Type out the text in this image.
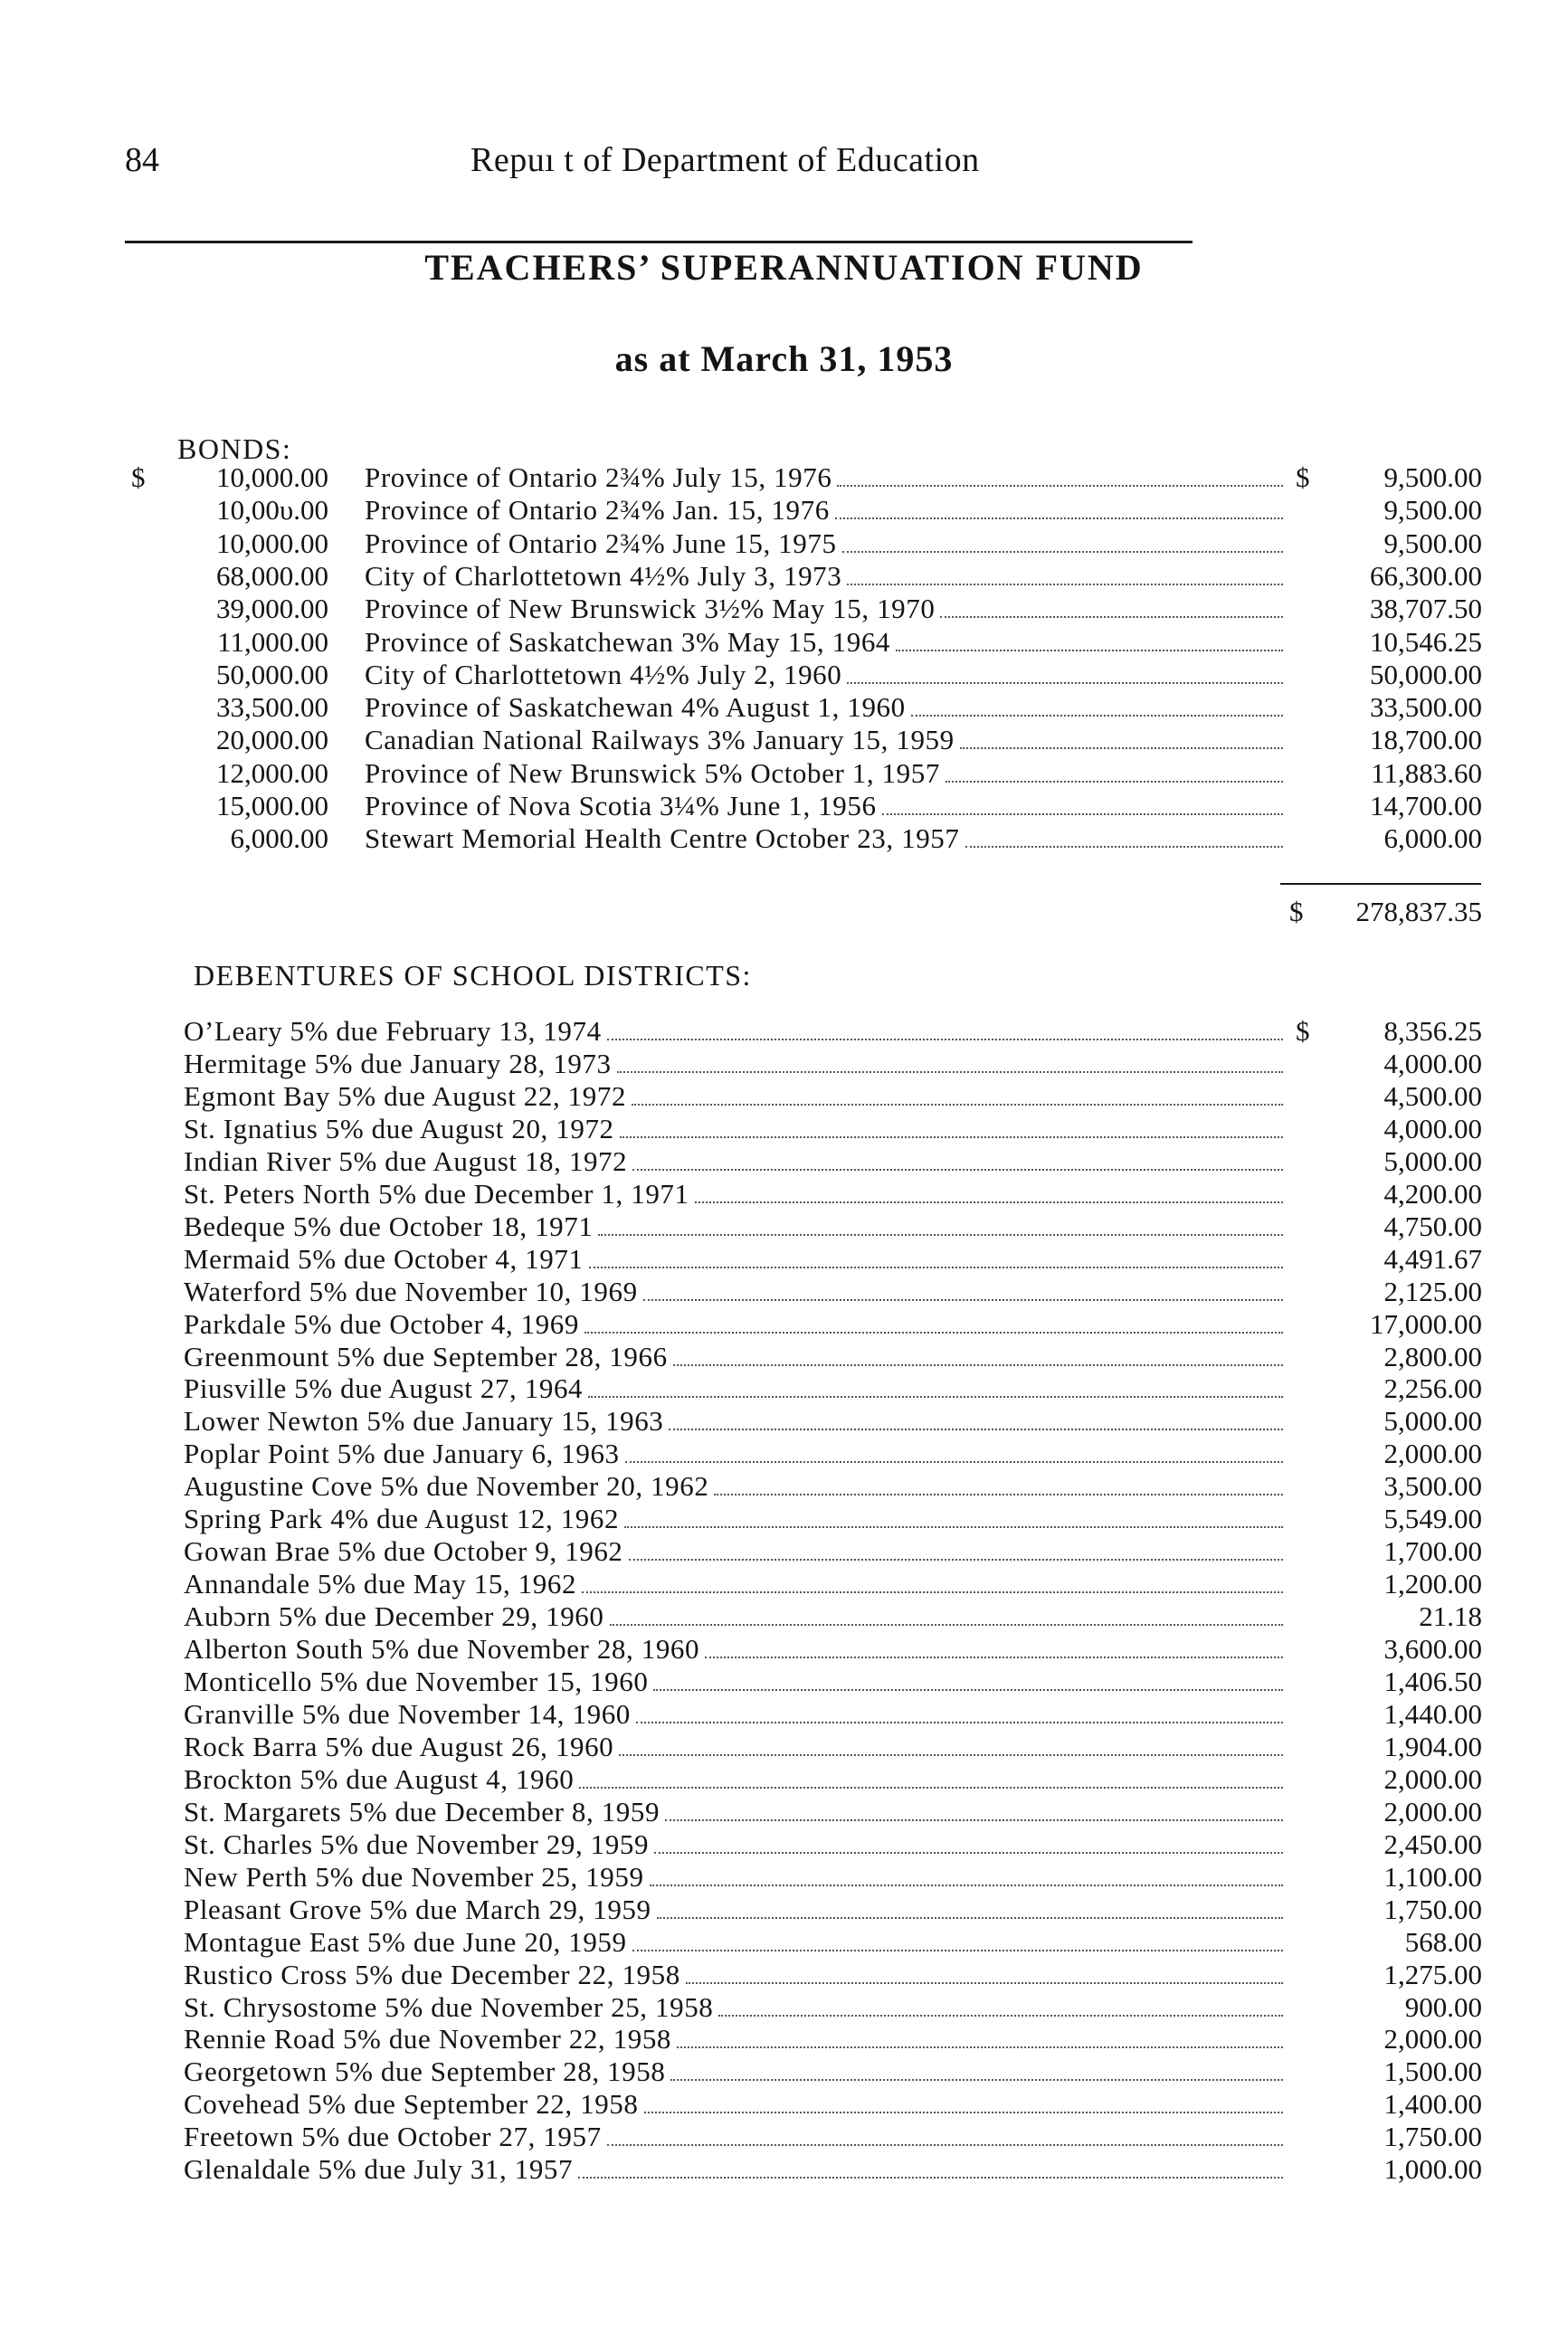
84	Repuı t of Department of Education
TEACHERS’ SUPERANNUATION FUND
as at March 31, 1953
BONDS:
$	$
10,000.00 Province of Ontario 2¾% July 15, 1976	9,500.00
10,00υ.00 Province of Ontario 2¾% Jan. 15, 1976	9,500.00
10,000.00 Province of Ontario 2¾% June 15, 1975	9,500.00
68,000.00 City of Charlottetown 4½% July 3, 1973	66,300.00
39,000.00 Province of New Brunswick 3½% May 15, 1970	38,707.50
11,000.00 Province of Saskatchewan 3% May 15, 1964	10,546.25
50,000.00 City of Charlottetown 4½% July 2, 1960	50,000.00
33,500.00 Province of Saskatchewan 4% August 1, 1960	33,500.00
20,000.00 Canadian National Railways 3% January 15, 1959	18,700.00
12,000.00 Province of New Brunswick 5% October 1, 1957	11,883.60
15,000.00 Province of Nova Scotia 3¼% June 1, 1956	14,700.00
6,000.00 Stewart Memorial Health Centre October 23, 1957	6,000.00
$ 278,837.35
DEBENTURES OF SCHOOL DISTRICTS:
$
O’Leary 5% due February 13, 1974	8,356.25
Hermitage 5% due January 28, 1973	4,000.00
Egmont Bay 5% due August 22, 1972	4,500.00
St. Ignatius 5% due August 20, 1972	4,000.00
Indian River 5% due August 18, 1972	5,000.00
St. Peters North 5% due December 1, 1971	4,200.00
Bedeque 5% due October 18, 1971	4,750.00
Mermaid 5% due October 4, 1971	4,491.67
Waterford 5% due November 10, 1969	2,125.00
Parkdale 5% due October 4, 1969	17,000.00
Greenmount 5% due September 28, 1966	2,800.00
Piusville 5% due August 27, 1964	2,256.00
Lower Newton 5% due January 15, 1963	5,000.00
Poplar Point 5% due January 6, 1963	2,000.00
Augustine Cove 5% due November 20, 1962	3,500.00
Spring Park 4% due August 12, 1962	5,549.00
Gowan Brae 5% due October 9, 1962	1,700.00
Annandale 5% due May 15, 1962	1,200.00
Aubɔrn 5% due December 29, 1960	21.18
Alberton South 5% due November 28, 1960	3,600.00
Monticello 5% due November 15, 1960	1,406.50
Granville 5% due November 14, 1960	1,440.00
Rock Barra 5% due August 26, 1960	1,904.00
Brockton 5% due August 4, 1960	2,000.00
St. Margarets 5% due December 8, 1959	2,000.00
St. Charles 5% due November 29, 1959	2,450.00
New Perth 5% due November 25, 1959	1,100.00
Pleasant Grove 5% due March 29, 1959	1,750.00
Montague East 5% due June 20, 1959	568.00
Rustico Cross 5% due December 22, 1958	1,275.00
St. Chrysostome 5% due November 25, 1958	900.00
Rennie Road 5% due November 22, 1958	2,000.00
Georgetown 5% due September 28, 1958	1,500.00
Covehead 5% due September 22, 1958	1,400.00
Freetown 5% due October 27, 1957	1,750.00
Glenaldale 5% due July 31, 1957	1,000.00
